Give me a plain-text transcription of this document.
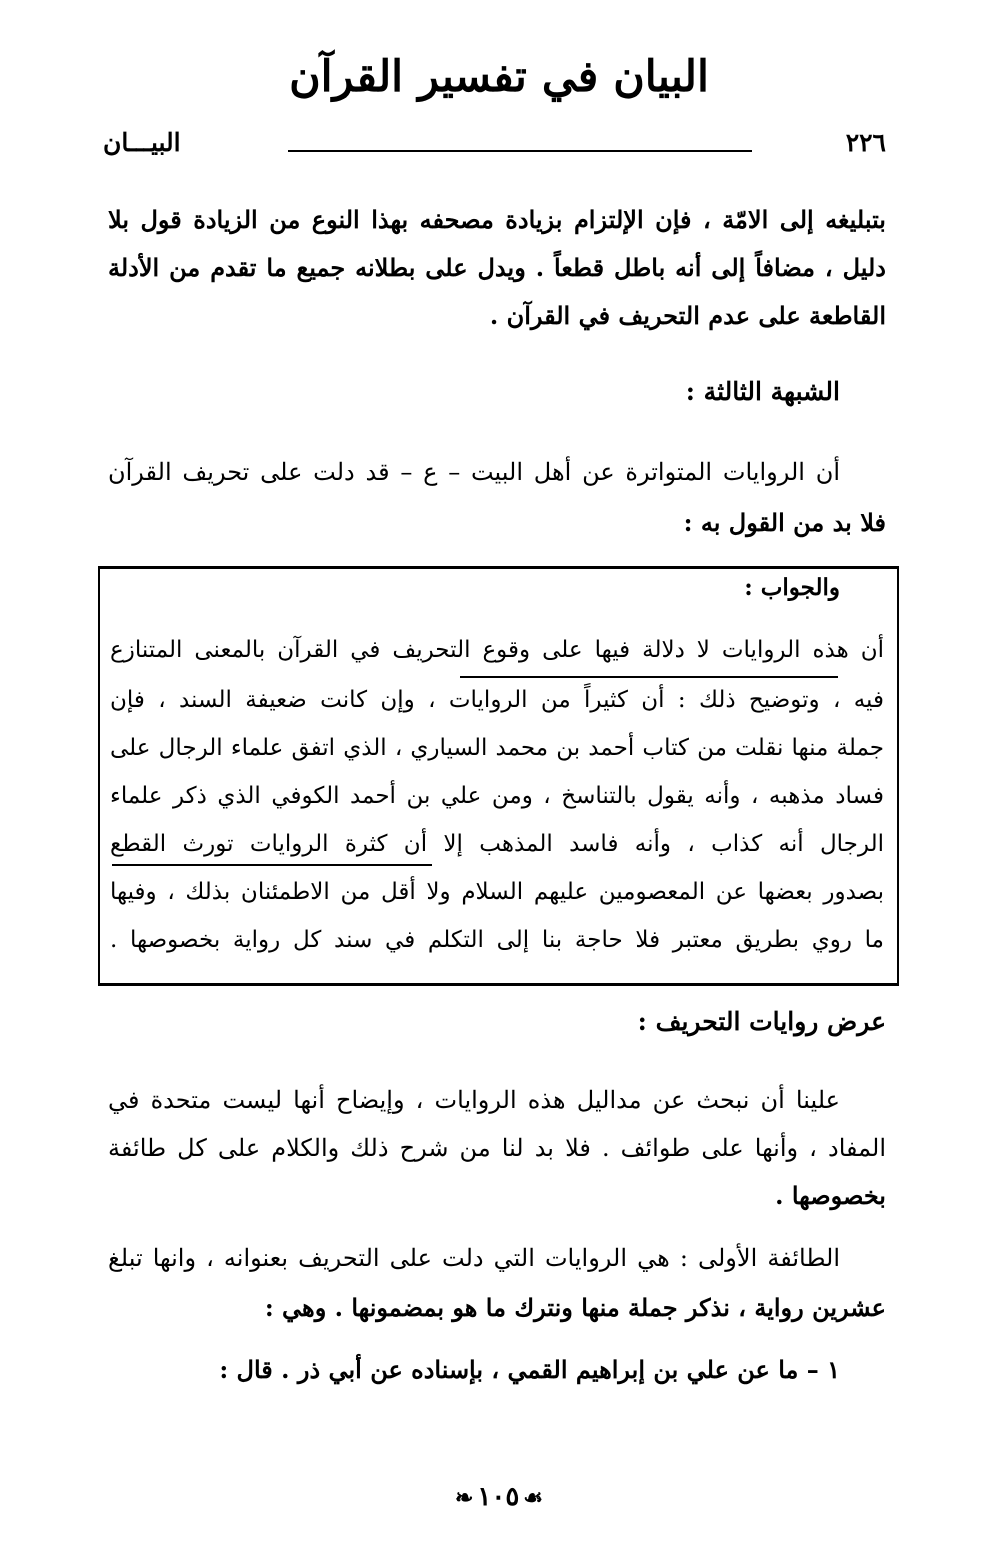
البيان في تفسير القرآن
٢٢٦
البيـــان
بتبليغه إلى الامّة ، فإن الإلتزام بزيادة مصحفه بهذا النوع من الزيادة قول بلا
دليل ، مضافاً إلى أنه باطل قطعاً . ويدل على بطلانه جميع ما تقدم من الأدلة
القاطعة على عدم التحريف في القرآن .
الشبهة الثالثة :
أن الروايات المتواترة عن أهل البيت – ع – قد دلت على تحريف القرآن
فلا بد من القول به :
والجواب :
أن هذه الروايات لا دلالة فيها على وقوع التحريف في القرآن بالمعنى المتنازع
فيه ، وتوضيح ذلك : أن كثيراً من الروايات ، وإن كانت ضعيفة السند ، فإن
جملة منها نقلت من كتاب أحمد بن محمد السياري ، الذي اتفق علماء الرجال على
فساد مذهبه ، وأنه يقول بالتناسخ ، ومن علي بن أحمد الكوفي الذي ذكر علماء
الرجال أنه كذاب ، وأنه فاسد المذهب إلا أن كثرة الروايات تورث القطع
بصدور بعضها عن المعصومين عليهم السلام ولا أقل من الاطمئنان بذلك ، وفيها
ما روي بطريق معتبر فلا حاجة بنا إلى التكلم في سند كل رواية بخصوصها .
عرض روايات التحريف :
علينا أن نبحث عن مداليل هذه الروايات ، وإيضاح أنها ليست متحدة في
المفاد ، وأنها على طوائف . فلا بد لنا من شرح ذلك والكلام على كل طائفة
بخصوصها .
الطائفة الأولى : هي الروايات التي دلت على التحريف بعنوانه ، وانها تبلغ
عشرين رواية ، نذكر جملة منها ونترك ما هو بمضمونها . وهي :
١ – ما عن علي بن إبراهيم القمي ، بإسناده عن أبي ذر . قال :
❧ ١٠٥ ☙
